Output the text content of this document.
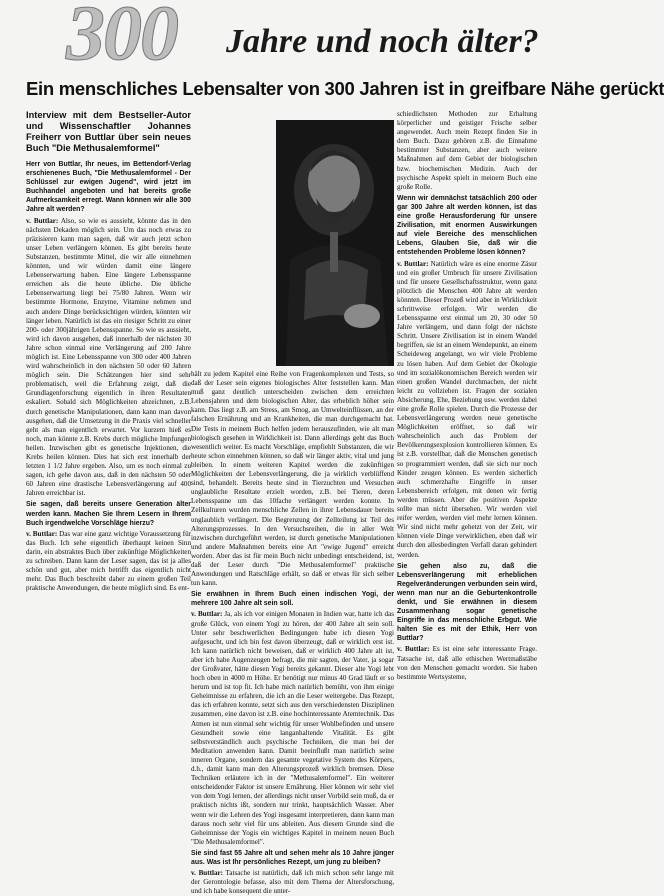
300 Jahre und noch älter?
Ein menschliches Lebensalter von 300 Jahren ist in greifbare Nähe gerückt
Interview mit dem Bestseller-Autor und Wissenschaftler Johannes Freiherr von Buttlar über sein neues Buch "Die Methusalemformel"

Herr von Buttlar, Ihr neues, im Bettendorf-Verlag erschienenes Buch, "Die Methusalemformel - Der Schlüssel zur ewigen Jugend", wird jetzt im Buchhandel angeboten und hat bereits große Aufmerksamkeit erregt. Wann können wir alle 300 Jahre alt werden?

v. Buttlar: Also, so wie es aussieht, könnte das in den nächsten Dekaden möglich sein. Um das noch etwas zu präzisieren kann man sagen, daß wir auch jetzt schon unser Leben verlängern können. Es gibt bereits heute Substanzen, bestimmte Mittel, die wir alle einnehmen könnten, und wir würden damit eine längere Lebenserwartung haben. Eine längere Lebensspanne erreichen als die heute übliche. Die übliche Lebenserwartung liegt bei 75/80 Jahren. Wenn wir bestimmte Hormone, Enzyme, Vitamine nehmen und auch andere Dinge berücksichtigen würden, könnten wir länger leben. Natürlich ist das ein riesiger Schritt zu einer 200- oder 300jährigen Lebensspanne. So wie es aussieht, wird ich davon ausgehen, daß innerhalb der nächsten 30 Jahre schon einmal eine Verlängerung auf 200 Jahre möglich ist. Eine Lebensspanne von 300 oder 400 Jahren wird wahrscheinlich in den nächsten 50 oder 60 Jahren möglich sein. Die Schätzungen hier sind sehr problematisch, weil die Erfahrung zeigt, daß die Grundlagenforschung eigentlich in ihren Resultaten eskaliert. Sobald sich Möglichkeiten abzeichnen, z.B. durch genetische Manipulationen, dann kann man davon ausgehen, daß die Umsetzung in die Praxis viel schneller geht als man eigentlich erwartet. Vor kurzem hieß es noch, man könnte z.B. Krebs durch mögliche Impfungen heilen. Inzwischen gibt es genetische Injektionen, die Krebs heilen können. Dies hat sich erst innerhalb der letzten 1 1/2 Jahre ergeben. Also, um es noch einmal zu sagen, ich gehe davon aus, daß in den nächsten 50 oder 60 Jahren eine drastische Lebensverlängerung auf 400 Jahren erreichbar ist.

Sie sagen, daß bereits unsere Generation älter werden kann. Machen Sie Ihrem Lesern in Ihrem Buch irgendwelche Vorschläge hierzu?

v. Buttlar: Das war eine ganz wichtige Voraussetzung für das Buch. Ich sehe eigentlich überhaupt keinen Sinn darin, ein abstraktes Buch über zukünftige Möglichkeiten zu schreiben. Dann kann der Leser sagen, das ist ja alles schön und gut, aber mich betrifft das eigentlich nicht mehr. Das Buch beschreibt daher zu einem großen Teil praktische Anwendungen, die heute möglich sind. Es ent-

hält zu jedem Kapitel eine Reihe von Fragenkomplexen und Tests, so daß der Leser sein eigenes biologisches Alter feststellen kann. Man muß ganz deutlich unterscheiden zwischen dem erreichten Lebensjahren und dem biologischen Alter, das erheblich höher sein kann. Das liegt z.B. am Stress, am Smog, an Umwelteinflüssen, an der falschen Ernährung und an Krankheiten, die man durchgemacht hat. Die Tests in meinem Buch helfen jedem herauszufinden, wie alt man biologisch gesehen in Wirklichkeit ist. Dann allerdings geht das Buch wesentlich weiter. Es macht Vorschläge, empfiehlt Substanzen, die wir heute schon einnehmen können, so daß wir länger aktiv, vital und jung bleiben. In einem weiteren Kapitel werden die zukünftigen Möglichkeiten der Lebensverlängerung, die ja wirklich verblüffend sind, behandelt. Bereits heute sind in Tierzuchten und Versuchen unglaubliche Resultate erzielt worden, z.B. bei Tieren, deren Lebensspanne um das 10fache verlängert werden konnte. In Zellkulturen wurden menschliche Zellen in ihrer Lebensdauer bereits unglaublich verlängert. Die Begrenzung der Zellteilung ist Teil des Alterungsprozesses. In den Versuchsreihen, die in aller Welt inzwischen durchgeführt werden, ist durch genetische Manipulationen und andere Maßnahmen bereits eine Art "ewige Jugend" erreicht worden. Aber das ist für mein Buch nicht unbedingt entscheidend, ist, daß der Leser durch "Die Methusalemformel" praktische Anwendungen und Ratschläge erhält, so daß er etwas für sich selber tun kann.

Sie erwähnen in Ihrem Buch einen indischen Yogi, der mehrere 100 Jahre alt sein soll.

v. Buttlar: Ja, als ich vor einigen Monaten in Indien war, hatte ich das große Glück, von einem Yogi zu hören, der 400 Jahre alt sein soll. Unter sehr beschwerlichen Bedingungen habe ich diesen Yogi aufgesucht, und ich bin fest davon überzeugt, daß er wirklich erst ist. Ich kann natürlich nicht beweisen, daß er wirklich 400 Jahre alt ist, aber ich habe Augenzeugen befragt, die mir sagten, der Vater, ja sogar der Großvater, hätte diesen Yogi bereits gekannt. Dieser alte Yogi lebt hoch oben in 4000 m Höhe. Er benötigt nur minus 40 Grad läuft er so herum und ist top fit. Ich habe mich natürlich bemüht, von ihm einige Geheimnisse zu erfahren, die ich an die Leser weitergebe. Das Rezept, das ich erfahren konnte, setzt sich aus den verschiedensten Disziplinen zusammen, eine davon ist z.B. eine hochinteressante Atemtechnik. Das Atmen ist nun einmal sehr wichtig für unser Wohlbefinden und unsere Gesundheit sowie eine langanhaltende Vitalität. Es gibt selbstverständlich auch psychische Techniken, die man bei der Meditation anwenden kann. Damit beeinflußt man natürlich seine inneren Organe, sondern das gesamte vegetative System des Körpers, d.h., damit kann man den Alterungsprozeß wirklich bremsen. Diese Techniken erläutere ich in der "Methusalemformel". Ein weiterer entscheidender Faktor ist unsere Ernährung. Hier können wir sehr viel von dem Yogi lernen, der allerdings nicht unser Vorbild sein muß, da er praktisch nichts ißt, sondern nur trinkt, hauptsächlich Wasser. Aber wenn wir die Lehren des Yogi insgesamt interpretieren, dann kann man daraus noch sehr viel für uns ableiten. Aus diesem Grunde sind die Geheimnisse der Yogis ein wichtiges Kapitel in meinem neuen Buch "Die Methusalemformel".

Sie sind fast 55 Jahre alt und sehen mehr als 10 Jahre jünger aus. Was ist Ihr persönliches Rezept, um jung zu bleiben?

v. Buttlar: Tatsache ist natürlich, daß ich mich schon sehr lange mit der Gerontologie befasse, also mit dem Thema der Altersforschung, und ich habe konsequent die unter-

schiedlichsten Methoden zur Erhaltung körperlicher und geistiger Frische selber angewendet. Auch mein Rezept finden Sie in dem Buch. Dazu gehören z.B. die Einnahme bestimmter Substanzen, aber auch weitere Maßnahmen auf dem Gebiet der biologischen bzw. biochemischen Medizin. Auch der psychische Aspekt spielt in meinem Buch eine große Rolle.

Wenn wir demnächst tatsächlich 200 oder gar 300 Jahre alt werden können, ist das eine große Herausforderung für unsere Zivilisation, mit enormen Auswirkungen auf viele Bereiche des menschlichen Lebens, Glauben Sie, daß wir die entstehenden Probleme lösen können?

v. Buttlar: Natürlich wäre es eine enorme Zäsur und ein großer Umbruch für unsere Zivilisation und für unsere Gesellschaftsstruktur, wenn ganz plötzlich die Menschen 400 Jahre alt werden könnten. Dieser Prozeß wird aber in Wirklichkeit schrittweise erfolgen. Wir werden die Lebensspanne erst einmal um 20, 30 oder 50 Jahre verlängern, und dann folgt der nächste Schritt. Unsere Zivilisation ist in einem Wandel begriffen, sie ist an einem Wendepunkt, an einem Scheideweg angelangt, wo wir viele Probleme zu lösen haben. Auf dem Gebiet der Ökologie und im sozialökonomischen Bereich werden wir einen großen Wandel durchmachen, der nicht leicht zu vollziehen ist. Fragen der sozialen Absicherung, Ehe, Beziehung usw. werden dabei eine große Rolle spielen. Durch die Prozesse der Lebensverlängerung werden neue genetische Möglichkeiten eröffnet, so daß wir wahrscheinlich auch das Problem der Bevölkerungsexplosion kontrollieren können. Es ist z.B. vorstellbar, daß die Menschen genetisch so programmiert werden, daß sie sich nur noch Kinder zeugen können. Es werden sicherlich auch schmerzhafte Eingriffe in unser Lebensbereich erfolgen, mit denen wir fertig werden müssen. Aber die positiven Aspekte sollte man nicht übersehen. Wir werden viel reifer werden, werden viel mehr lernen können. Wir sind nicht mehr gehetzt von der Zeit, wir können viele Dinge verwirklichen, eben daß wir durch den allesbedingten Verfall daran gehindert werden.

Sie gehen also zu, daß die Lebensverlängerung mit erheblichen Regelveränderungen verbunden sein wird, wenn man nur an die Geburtenkontrolle denkt, und Sie erwähnen in diesem Zusammenhang sogar genetische Eingriffe in das menschliche Erbgut. Wie halten Sie es mit der Ethik, Herr von Buttlar?

v. Buttlar: Es ist eine sehr interessante Frage. Tatsache ist, daß alle ethischen Wertmaßstäbe von den Menschen gemacht worden. Sie haben bestimmte Wertsysteme,
